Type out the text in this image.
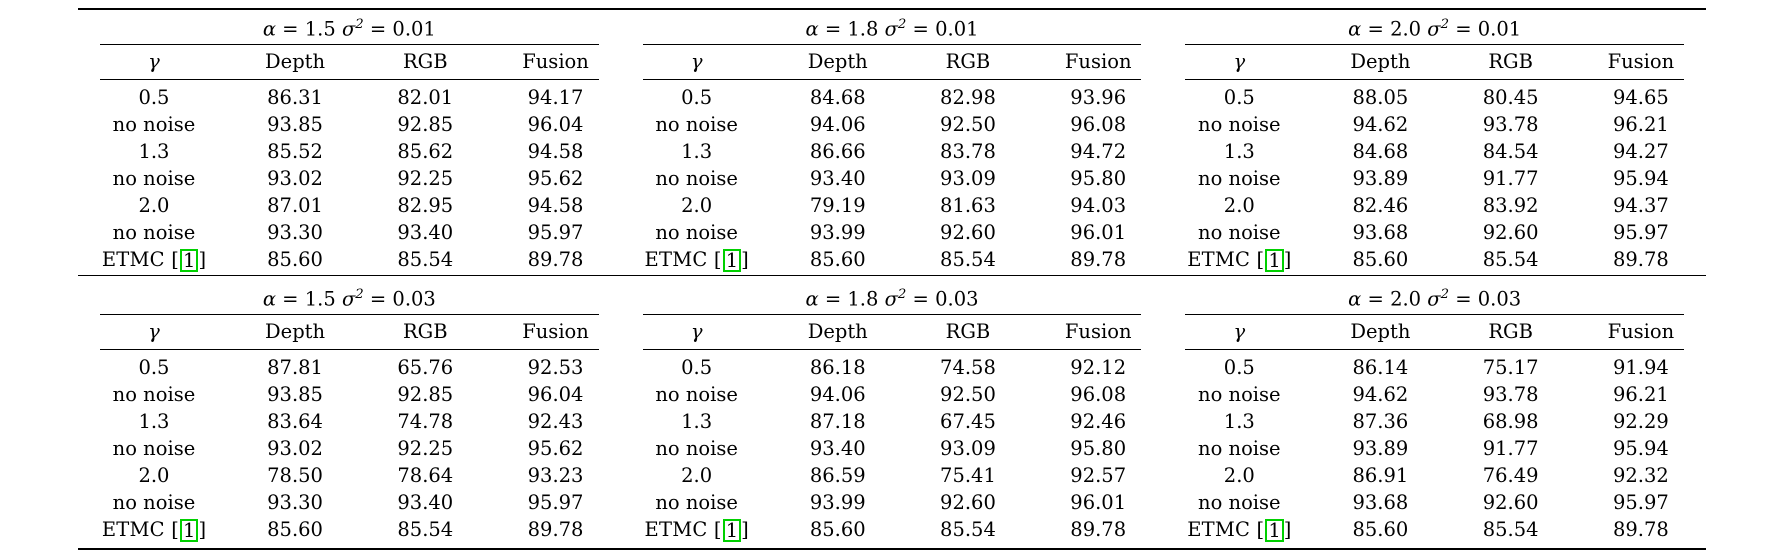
α = 1.5 $\sigma^2 = 0.01$			

γ	Depth	RGB	Fusion

0.5	86.31	82.01	94.17
no noise	93.85	92.85	96.04
1.3	85.52	85.62	94.58
no noise	93.02	92.25	95.62
2.0	87.01	82.95	94.58
no noise	93.30	93.40	95.97
ETMC [ 1 ]	85.60	85.54	89.78
α = 1.8 $\sigma^2 = 0.01$			

γ	Depth	RGB	Fusion

0.5	84.68	82.98	93.96
no noise	94.06	92.50	96.08
1.3	86.66	83.78	94.72
no noise	93.40	93.09	95.80
2.0	79.19	81.63	94.03
no noise	93.99	92.60	96.01
ETMC [ 1 ]	85.60	85.54	89.78
α = 2.0 $\sigma^2 = 0.01$			

γ	Depth	RGB	Fusion

0.5	88.05	80.45	94.65
no noise	94.62	93.78	96.21
1.3	84.68	84.54	94.27
no noise	93.89	91.77	95.94
2.0	82.46	83.92	94.37
no noise	93.68	92.60	95.97
ETMC [ 1 ]	85.60	85.54	89.78
α = 1.5 $\sigma^2 = 0.03$			

γ	Depth	RGB	Fusion

0.5	87.81	65.76	92.53
no noise	93.85	92.85	96.04
1.3	83.64	74.78	92.43
no noise	93.02	92.25	95.62
2.0	78.50	78.64	93.23
no noise	93.30	93.40	95.97
ETMC [ 1 ]	85.60	85.54	89.78
α = 1.8 $\sigma^2 = 0.03$			

γ	Depth	RGB	Fusion

0.5	86.18	74.58	92.12
no noise	94.06	92.50	96.08
1.3	87.18	67.45	92.46
no noise	93.40	93.09	95.80
2.0	86.59	75.41	92.57
no noise	93.99	92.60	96.01
ETMC [ 1 ]	85.60	85.54	89.78
α = 2.0 $\sigma^2 = 0.03$			

γ	Depth	RGB	Fusion

0.5	86.14	75.17	91.94
no noise	94.62	93.78	96.21
1.3	87.36	68.98	92.29
no noise	93.89	91.77	95.94
2.0	86.91	76.49	92.32
no noise	93.68	92.60	95.97
ETMC [ 1 ]	85.60	85.54	89.78
